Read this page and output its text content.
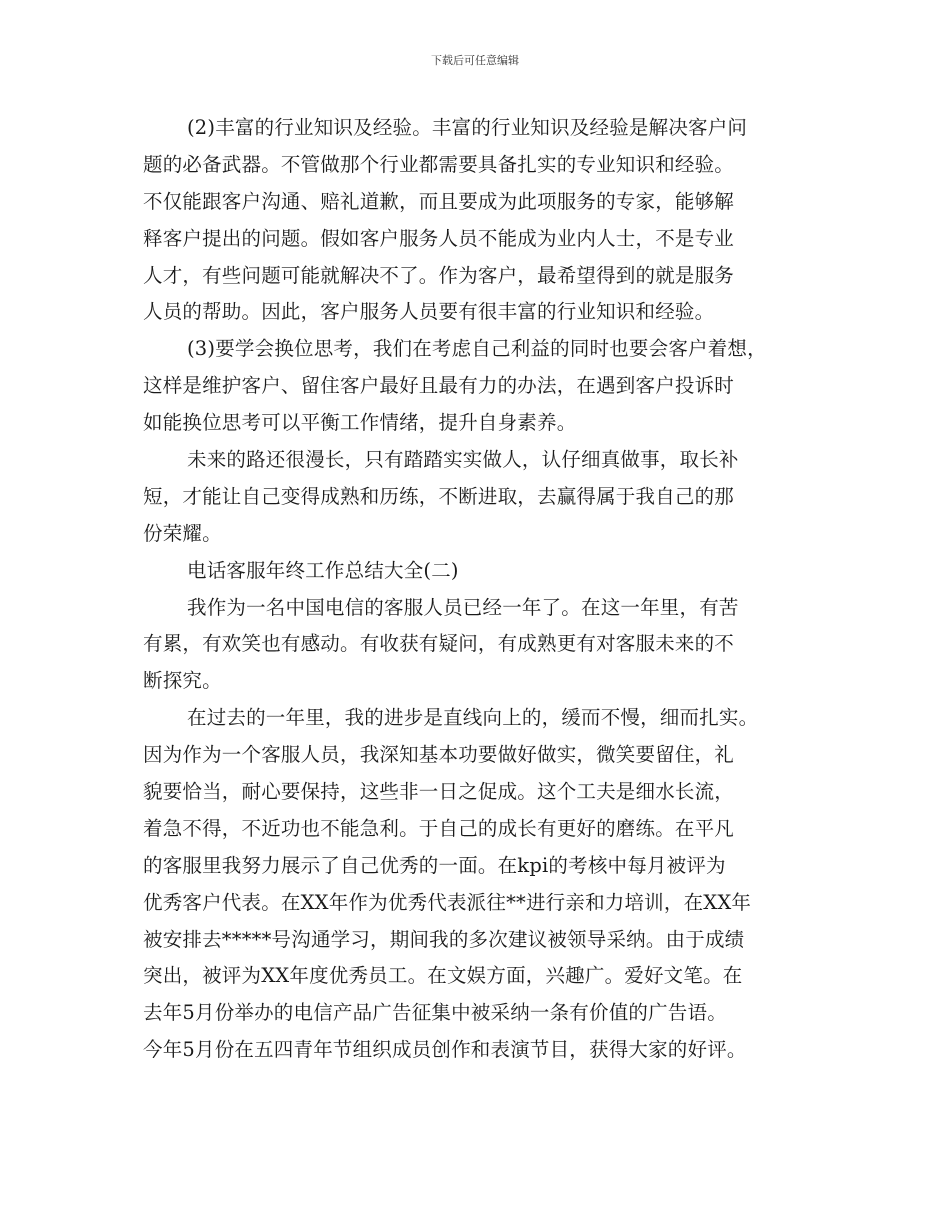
下载后可任意编辑
(2)丰富的行业知识及经验。丰富的行业知识及经验是解决客户问
题的必备武器。不管做那个行业都需要具备扎实的专业知识和经验。
不仅能跟客户沟通、赔礼道歉，而且要成为此项服务的专家，能够解
释客户提出的问题。假如客户服务人员不能成为业内人士，不是专业
人才，有些问题可能就解决不了。作为客户，最希望得到的就是服务
人员的帮助。因此，客户服务人员要有很丰富的行业知识和经验。
(3)要学会换位思考，我们在考虑自己利益的同时也要会客户着想，
这样是维护客户、留住客户最好且最有力的办法，在遇到客户投诉时
如能换位思考可以平衡工作情绪，提升自身素养。
未来的路还很漫长，只有踏踏实实做人，认仔细真做事，取长补
短，才能让自己变得成熟和历练，不断进取，去赢得属于我自己的那
份荣耀。
电话客服年终工作总结大全(二)
我作为一名中国电信的客服人员已经一年了。在这一年里，有苦
有累，有欢笑也有感动。有收获有疑问，有成熟更有对客服未来的不
断探究。
在过去的一年里，我的进步是直线向上的，缓而不慢，细而扎实。
因为作为一个客服人员，我深知基本功要做好做实，微笑要留住，礼
貌要恰当，耐心要保持，这些非一日之促成。这个工夫是细水长流，
着急不得，不近功也不能急利。于自己的成长有更好的磨练。在平凡
的客服里我努力展示了自己优秀的一面。在kpi的考核中每月被评为
优秀客户代表。在XX年作为优秀代表派往**进行亲和力培训，在XX年
被安排去*****号沟通学习，期间我的多次建议被领导采纳。由于成绩
突出，被评为XX年度优秀员工。在文娱方面，兴趣广。爱好文笔。在
去年5月份举办的电信产品广告征集中被采纳一条有价值的广告语。
今年5月份在五四青年节组织成员创作和表演节目，获得大家的好评。
